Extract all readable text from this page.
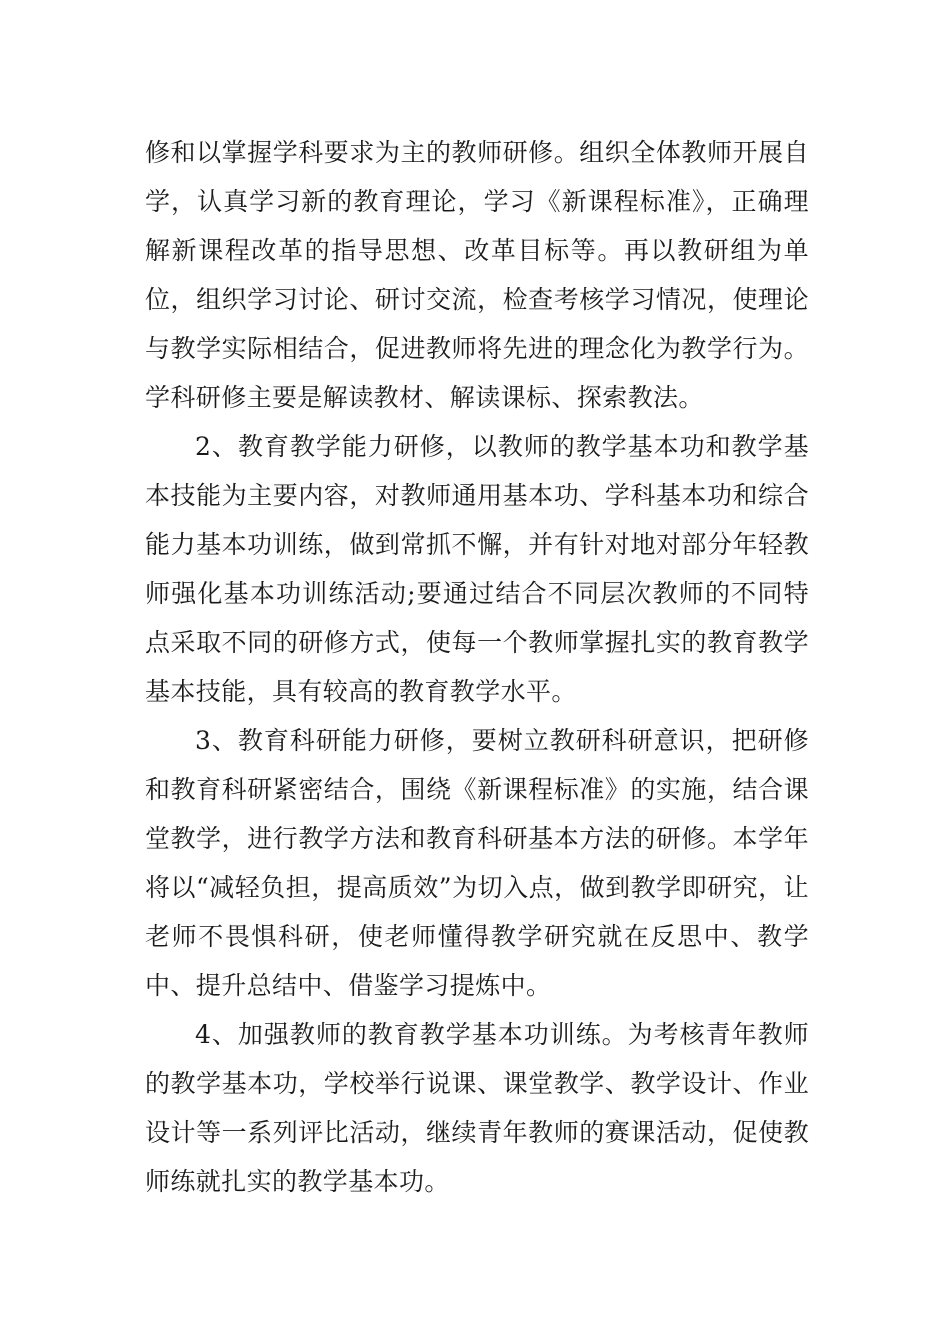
修和以掌握学科要求为主的教师研修。组织全体教师开展自学，认真学习新的教育理论，学习《新课程标准》，正确理解新课程改革的指导思想、改革目标等。再以教研组为单位，组织学习讨论、研讨交流，检查考核学习情况，使理论与教学实际相结合，促进教师将先进的理念化为教学行为。学科研修主要是解读教材、解读课标、探索教法。

2、教育教学能力研修，以教师的教学基本功和教学基本技能为主要内容，对教师通用基本功、学科基本功和综合能力基本功训练，做到常抓不懈，并有针对地对部分年轻教师强化基本功训练活动;要通过结合不同层次教师的不同特点采取不同的研修方式，使每一个教师掌握扎实的教育教学基本技能，具有较高的教育教学水平。

3、教育科研能力研修，要树立教研科研意识，把研修和教育科研紧密结合，围绕《新课程标准》的实施，结合课堂教学，进行教学方法和教育科研基本方法的研修。本学年将以“减轻负担，提高质效”为切入点，做到教学即研究，让老师不畏惧科研，使老师懂得教学研究就在反思中、教学中、提升总结中、借鉴学习提炼中。

4、加强教师的教育教学基本功训练。为考核青年教师的教学基本功，学校举行说课、课堂教学、教学设计、作业设计等一系列评比活动，继续青年教师的赛课活动，促使教师练就扎实的教学基本功。
